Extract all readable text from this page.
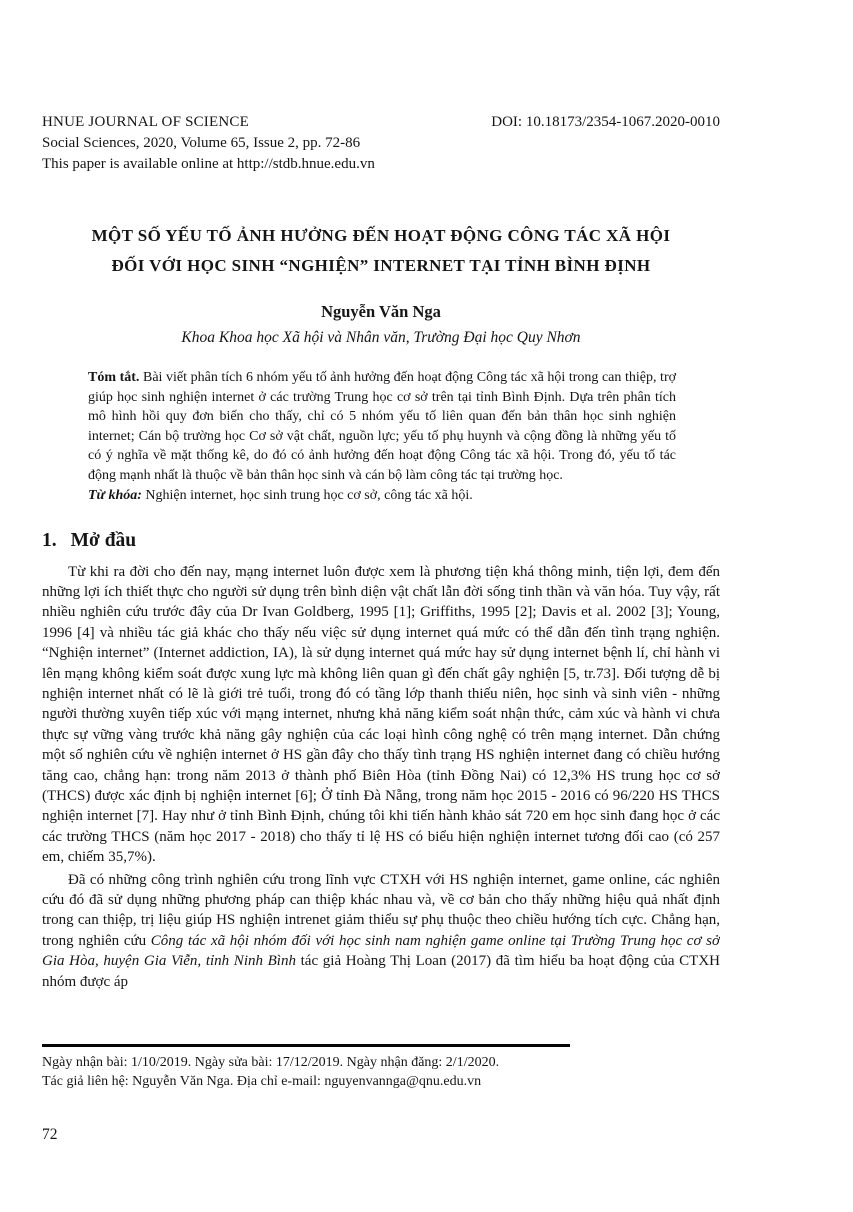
HNUE JOURNAL OF SCIENCE	DOI: 10.18173/2354-1067.2020-0010
Social Sciences, 2020, Volume 65, Issue 2, pp. 72-86
This paper is available online at http://stdb.hnue.edu.vn
MỘT SỐ YẾU TỐ ẢNH HƯỞNG ĐẾN HOẠT ĐỘNG CÔNG TÁC XÃ HỘI
ĐỐI VỚI HỌC SINH “NGHIỆN” INTERNET TẠI TỈNH BÌNH ĐỊNH
Nguyễn Văn Nga
Khoa Khoa học Xã hội và Nhân văn, Trường Đại học Quy Nhơn

Tóm tắt. Bài viết phân tích 6 nhóm yếu tố ảnh hưởng đến hoạt động Công tác xã hội trong can thiệp, trợ giúp học sinh nghiện internet ở các trường Trung học cơ sở trên tại tỉnh Bình Định. Dựa trên phân tích mô hình hồi quy đơn biến cho thấy, chỉ có 5 nhóm yếu tố liên quan đến bản thân học sinh nghiện internet; Cán bộ trường học Cơ sở vật chất, nguồn lực; yếu tố phụ huynh và cộng đồng là những yếu tố có ý nghĩa về mặt thống kê, do đó có ảnh hưởng đến hoạt động Công tác xã hội. Trong đó, yếu tố tác động mạnh nhất là thuộc về bản thân học sinh và cán bộ làm công tác tại trường học.

Từ khóa: Nghiện internet, học sinh trung học cơ sở, công tác xã hội.

1. Mở đầu

Từ khi ra đời cho đến nay, mạng internet luôn được xem là phương tiện khá thông minh, tiện lợi, đem đến những lợi ích thiết thực cho người sử dụng trên bình diện vật chất lẫn đời sống tinh thần và văn hóa. Tuy vậy, rất nhiều nghiên cứu trước đây của Dr Ivan Goldberg, 1995 [1]; Griffiths, 1995 [2]; Davis et al. 2002 [3]; Young, 1996 [4] và nhiều tác giả khác cho thấy nếu việc sử dụng internet quá mức có thể dẫn đến tình trạng nghiện. “Nghiện internet” (Internet addiction, IA), là sử dụng internet quá mức hay sử dụng internet bệnh lí, chỉ hành vi lên mạng không kiểm soát được xung lực mà không liên quan gì đến chất gây nghiện [5, tr.73]. Đối tượng dễ bị nghiện internet nhất có lẽ là giới trẻ tuổi, trong đó có tầng lớp thanh thiếu niên, học sinh và sinh viên - những người thường xuyên tiếp xúc với mạng internet, nhưng khả năng kiểm soát nhận thức, cảm xúc và hành vi chưa thực sự vững vàng trước khả năng gây nghiện của các loại hình công nghệ có trên mạng internet. Dẫn chứng một số nghiên cứu về nghiện internet ở HS gần đây cho thấy tình trạng HS nghiện internet đang có chiều hướng tăng cao, chẳng hạn: trong năm 2013 ở thành phố Biên Hòa (tỉnh Đồng Nai) có 12,3% HS trung học cơ sở (THCS) được xác định bị nghiện internet [6]; Ở tỉnh Đà Nẵng, trong năm học 2015 - 2016 có 96/220 HS THCS nghiện internet [7]. Hay như ở tỉnh Bình Định, chúng tôi khi tiến hành khảo sát 720 em học sinh đang học ở các các trường THCS (năm học 2017 - 2018) cho thấy tỉ lệ HS có biểu hiện nghiện internet tương đối cao (có 257 em, chiếm 35,7%).

Đã có những công trình nghiên cứu trong lĩnh vực CTXH với HS nghiện internet, game online, các nghiên cứu đó đã sử dụng những phương pháp can thiệp khác nhau và, về cơ bản cho thấy những hiệu quả nhất định trong can thiệp, trị liệu giúp HS nghiện intrenet giảm thiểu sự phụ thuộc theo chiều hướng tích cực. Chẳng hạn, trong nghiên cứu Công tác xã hội nhóm đối với học sinh nam nghiện game online tại Trường Trung học cơ sở Gia Hòa, huyện Gia Viễn, tỉnh Ninh Bình tác giả Hoàng Thị Loan (2017) đã tìm hiểu ba hoạt động của CTXH nhóm được áp

Ngày nhận bài: 1/10/2019. Ngày sửa bài: 17/12/2019. Ngày nhận đăng: 2/1/2020.
Tác giả liên hệ: Nguyễn Văn Nga. Địa chỉ e-mail: nguyenvannga@qnu.edu.vn
72
